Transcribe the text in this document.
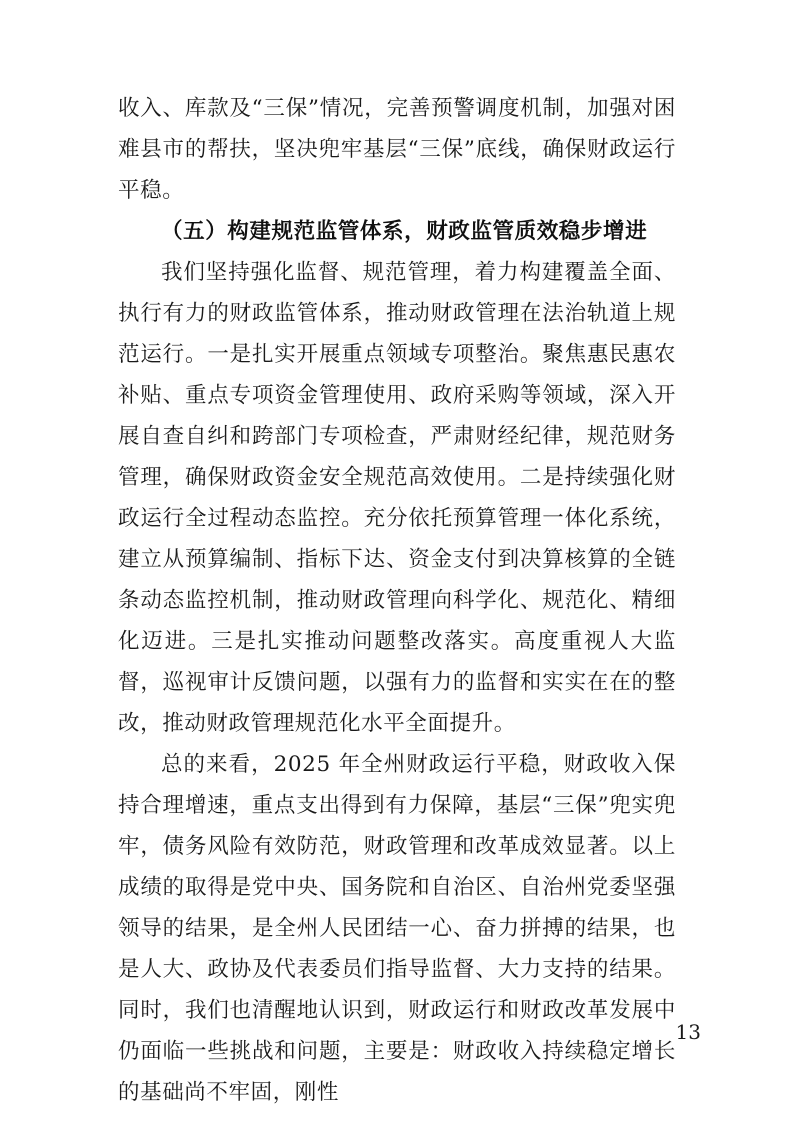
收入、库款及“三保”情况，完善预警调度机制，加强对困难县市的帮扶，坚决兜牢基层“三保”底线，确保财政运行平稳。

（五）构建规范监管体系，财政监管质效稳步增进

我们坚持强化监督、规范管理，着力构建覆盖全面、执行有力的财政监管体系，推动财政管理在法治轨道上规范运行。一是扎实开展重点领域专项整治。聚焦惠民惠农补贴、重点专项资金管理使用、政府采购等领域，深入开展自查自纠和跨部门专项检查，严肃财经纪律，规范财务管理，确保财政资金安全规范高效使用。二是持续强化财政运行全过程动态监控。充分依托预算管理一体化系统，建立从预算编制、指标下达、资金支付到决算核算的全链条动态监控机制，推动财政管理向科学化、规范化、精细化迈进。三是扎实推动问题整改落实。高度重视人大监督，巡视审计反馈问题，以强有力的监督和实实在在的整改，推动财政管理规范化水平全面提升。

总的来看，2025 年全州财政运行平稳，财政收入保持合理增速，重点支出得到有力保障，基层“三保”兜实兜牢，债务风险有效防范，财政管理和改革成效显著。以上成绩的取得是党中央、国务院和自治区、自治州党委坚强领导的结果，是全州人民团结一心、奋力拼搏的结果，也是人大、政协及代表委员们指导监督、大力支持的结果。同时，我们也清醒地认识到，财政运行和财政改革发展中仍面临一些挑战和问题，主要是：财政收入持续稳定增长的基础尚不牢固，刚性

13
